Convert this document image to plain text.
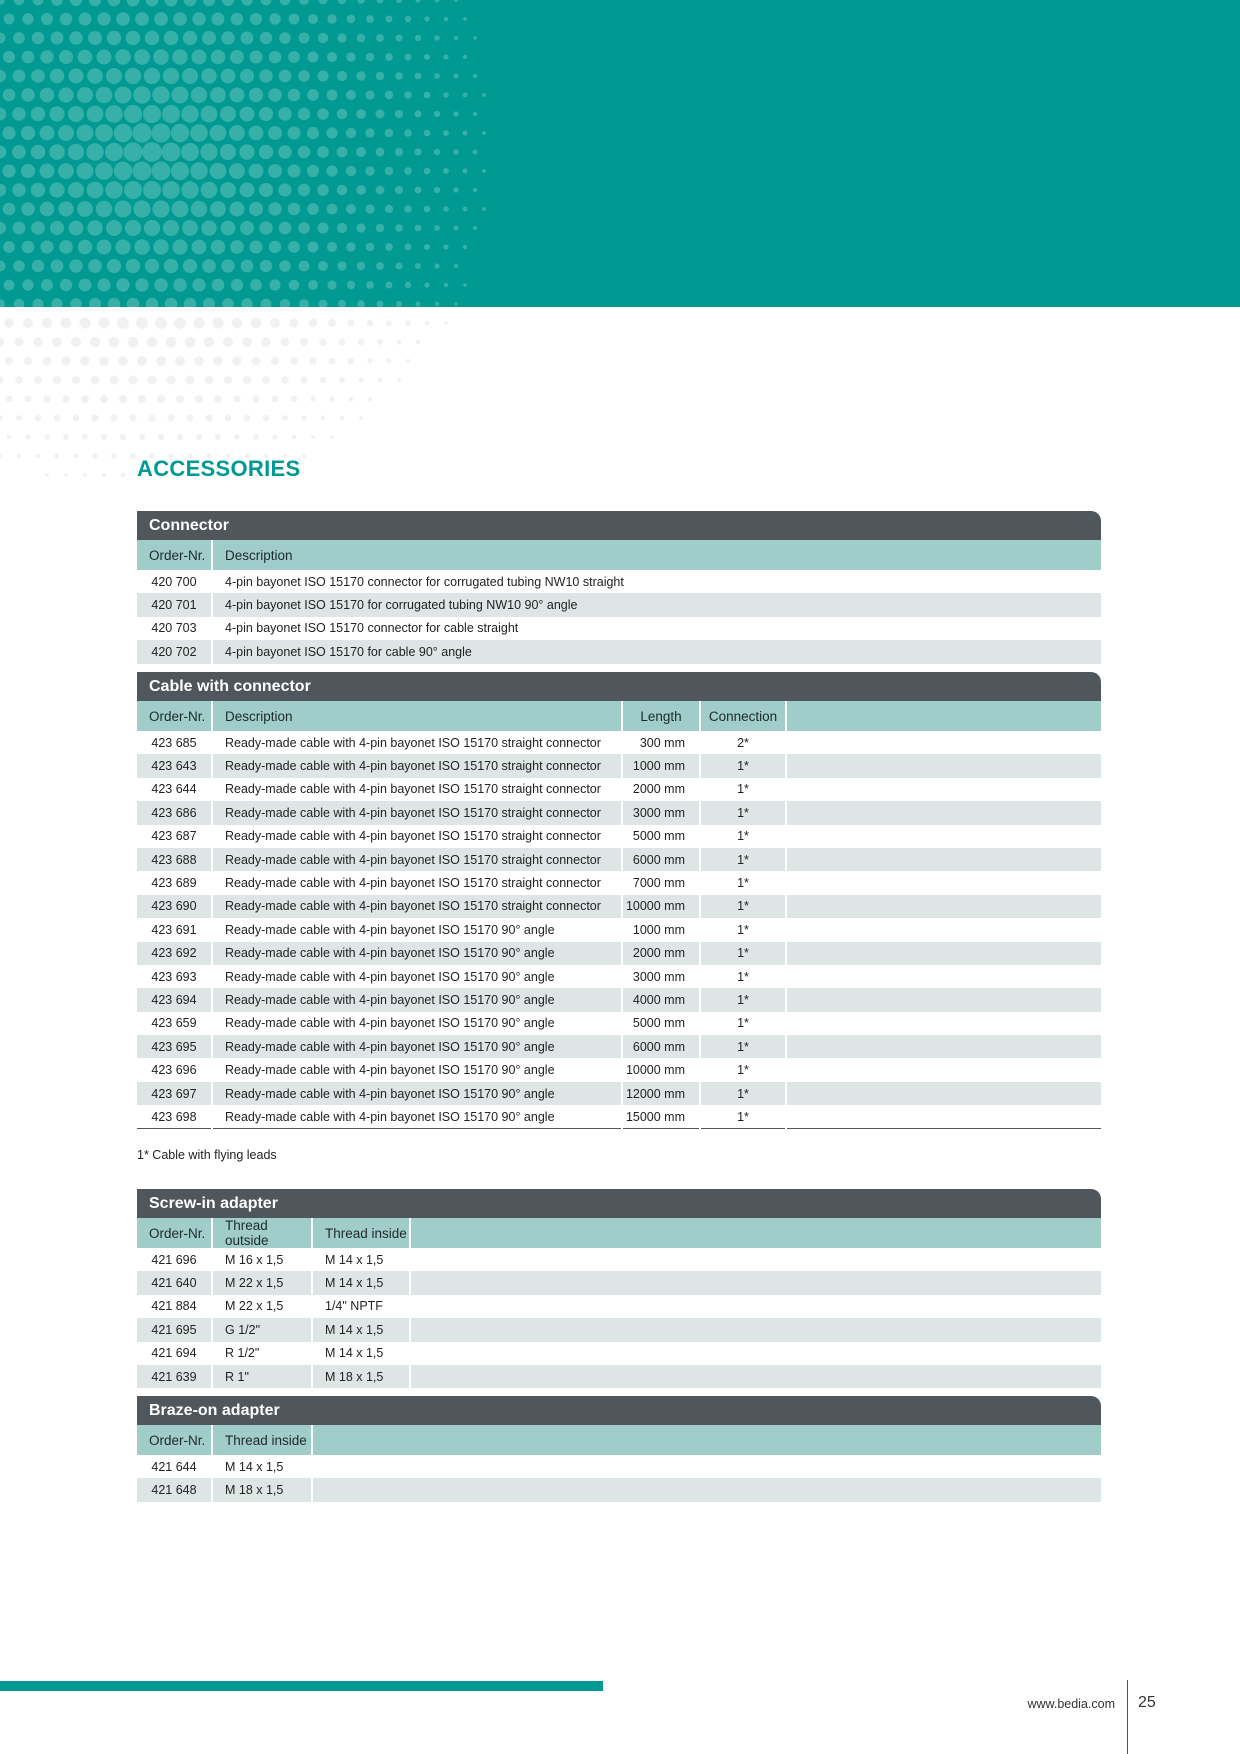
ACCESSORIES
Connector
Order-Nr.	Description
420 700	4-pin bayonet ISO 15170 connector for corrugated tubing NW10 straight
420 701	4-pin bayonet ISO 15170 for corrugated tubing NW10 90° angle
420 703	4-pin bayonet ISO 15170 connector for cable straight
420 702	4-pin bayonet ISO 15170 for cable 90° angle
Cable with connector
Order-Nr.	Description	Length	Connection	
423 685	Ready-made cable with 4-pin bayonet ISO 15170 straight connector	300 mm	2*	
423 643	Ready-made cable with 4-pin bayonet ISO 15170 straight connector	1000 mm	1*	
423 644	Ready-made cable with 4-pin bayonet ISO 15170 straight connector	2000 mm	1*	
423 686	Ready-made cable with 4-pin bayonet ISO 15170 straight connector	3000 mm	1*	
423 687	Ready-made cable with 4-pin bayonet ISO 15170 straight connector	5000 mm	1*	
423 688	Ready-made cable with 4-pin bayonet ISO 15170 straight connector	6000 mm	1*	
423 689	Ready-made cable with 4-pin bayonet ISO 15170 straight connector	7000 mm	1*	
423 690	Ready-made cable with 4-pin bayonet ISO 15170 straight connector	10000 mm	1*	
423 691	Ready-made cable with 4-pin bayonet ISO 15170 90° angle	1000 mm	1*	
423 692	Ready-made cable with 4-pin bayonet ISO 15170 90° angle	2000 mm	1*	
423 693	Ready-made cable with 4-pin bayonet ISO 15170 90° angle	3000 mm	1*	
423 694	Ready-made cable with 4-pin bayonet ISO 15170 90° angle	4000 mm	1*	
423 659	Ready-made cable with 4-pin bayonet ISO 15170 90° angle	5000 mm	1*	
423 695	Ready-made cable with 4-pin bayonet ISO 15170 90° angle	6000 mm	1*	
423 696	Ready-made cable with 4-pin bayonet ISO 15170 90° angle	10000 mm	1*	
423 697	Ready-made cable with 4-pin bayonet ISO 15170 90° angle	12000 mm	1*	
423 698	Ready-made cable with 4-pin bayonet ISO 15170 90° angle	15000 mm	1*	
1* Cable with flying leads
Screw-in adapter
Order-Nr.	Thread outside	Thread inside	
421 696	M 16 x 1,5	M 14 x 1,5	
421 640	M 22 x 1,5	M 14 x 1,5	
421 884	M 22 x 1,5	1/4" NPTF	
421 695	G 1/2"	M 14 x 1,5	
421 694	R 1/2"	M 14 x 1,5	
421 639	R 1"	M 18 x 1,5	
Braze-on adapter
Order-Nr.	Thread inside	
421 644	M 14 x 1,5	
421 648	M 18 x 1,5	
www.bedia.com 25
